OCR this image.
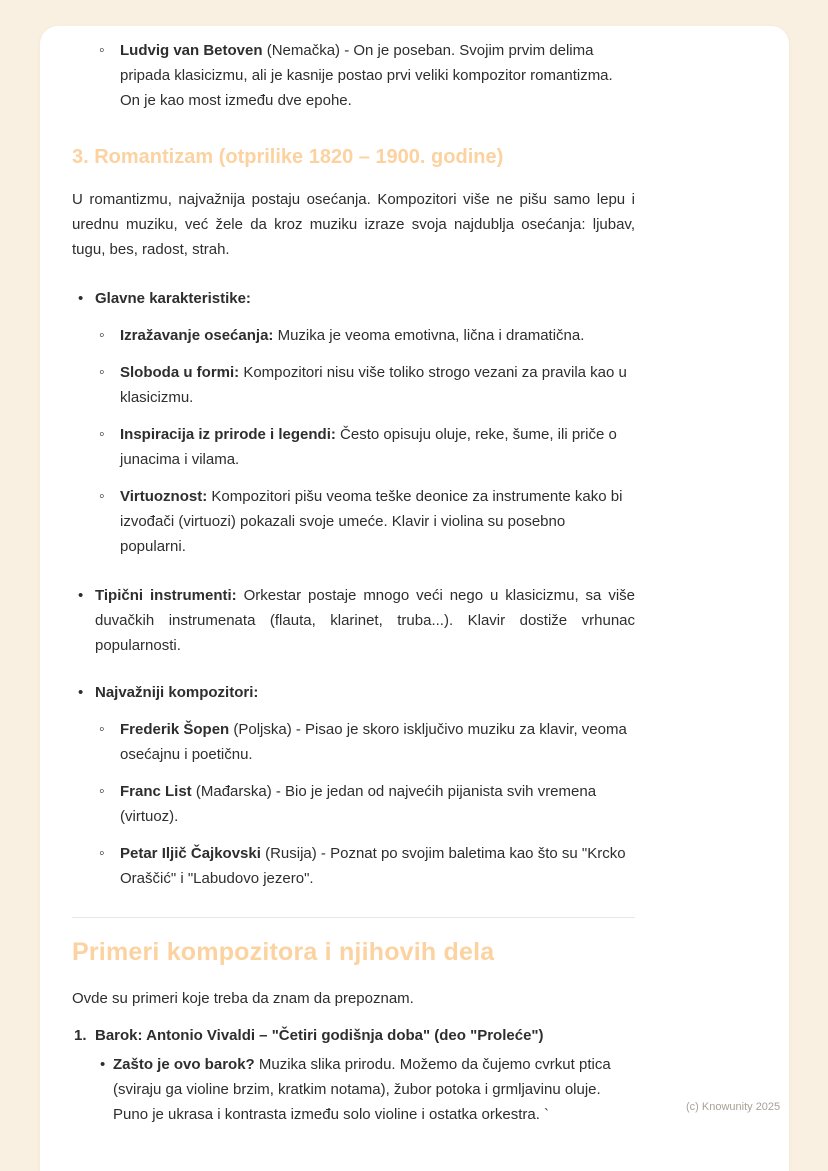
◦ Ludvig van Betoven (Nemačka) - On je poseban. Svojim prvim delima pripada klasicizmu, ali je kasnije postao prvi veliki kompozitor romantizma. On je kao most između dve epohe.
3. Romantizam (otprilike 1820 – 1900. godine)

U romantizmu, najvažnija postaju osećanja. Kompozitori više ne pišu samo lepu i urednu muziku, već žele da kroz muziku izraze svoja najdublja osećanja: ljubav, tugu, bes, radost, strah.

• Glavne karakteristike:
◦ Izražavanje osećanja: Muzika je veoma emotivna, lična i dramatična.
◦ Sloboda u formi: Kompozitori nisu više toliko strogo vezani za pravila kao u klasicizmu.
◦ Inspiracija iz prirode i legendi: Često opisuju oluje, reke, šume, ili priče o junacima i vilama.
◦ Virtuoznost: Kompozitori pišu veoma teške deonice za instrumente kako bi izvođači (virtuozi) pokazali svoje umeće. Klavir i violina su posebno popularni.
• Tipični instrumenti: Orkestar postaje mnogo veći nego u klasicizmu, sa više duvačkih instrumenata (flauta, klarinet, truba...). Klavir dostiže vrhunac popularnosti.
• Najvažniji kompozitori:
◦ Frederik Šopen (Poljska) - Pisao je skoro isključivo muziku za klavir, veoma osećajnu i poetičnu.
◦ Franc List (Mađarska) - Bio je jedan od najvećih pijanista svih vremena (virtuoz).
◦ Petar Iljič Čajkovski (Rusija) - Poznat po svojim baletima kao što su "Krcko Oraščić" i "Labudovo jezero".
Primeri kompozitora i njihovih dela

Ovde su primeri koje treba da znam da prepoznam.

1. Barok: Antonio Vivaldi – "Četiri godišnja doba" (deo "Proleće")
• Zašto je ovo barok? Muzika slika prirodu. Možemo da čujemo cvrkut ptica (sviraju ga violine brzim, kratkim notama), žubor potoka i grmljavinu oluje. Puno je ukrasa i kontrasta između solo violine i ostatka orkestra. `	(c) Knowunity 2025
